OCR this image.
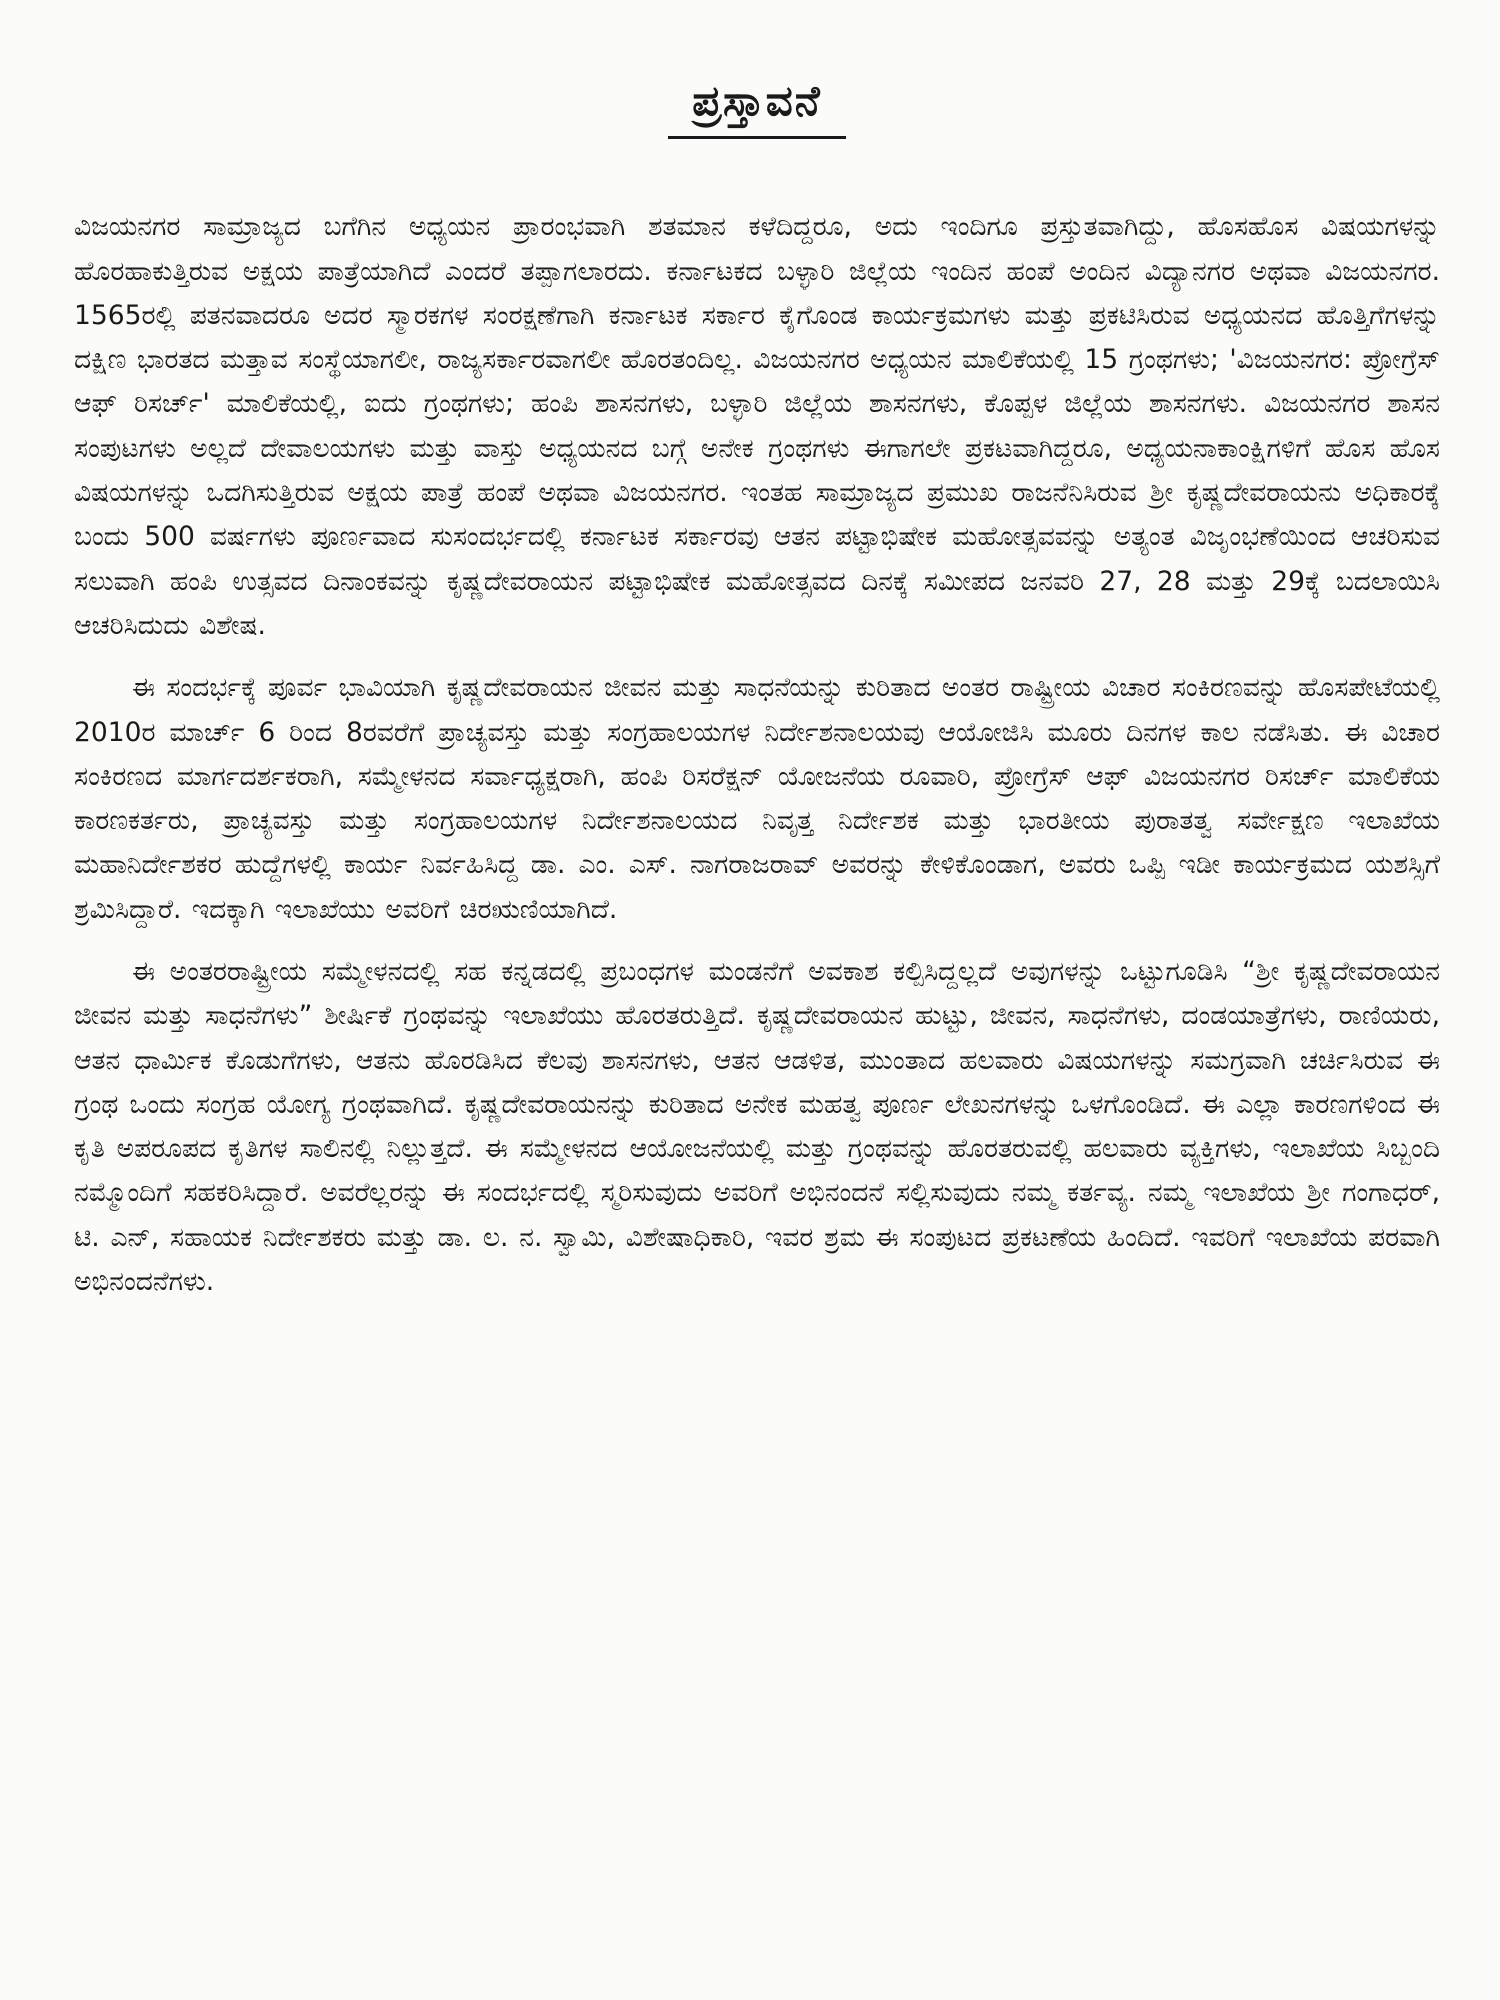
ಪ್ರಸ್ತಾವನೆ

ವಿಜಯನಗರ ಸಾಮ್ರಾಜ್ಯದ ಬಗೆಗಿನ ಅಧ್ಯಯನ ಪ್ರಾರಂಭವಾಗಿ ಶತಮಾನ ಕಳೆದಿದ್ದರೂ, ಅದು ಇಂದಿಗೂ ಪ್ರಸ್ತುತವಾಗಿದ್ದು, ಹೊಸಹೊಸ ವಿಷಯಗಳನ್ನು ಹೊರಹಾಕುತ್ತಿರುವ ಅಕ್ಷಯ ಪಾತ್ರೆಯಾಗಿದೆ ಎಂದರೆ ತಪ್ಪಾಗಲಾರದು. ಕರ್ನಾಟಕದ ಬಳ್ಳಾರಿ ಜಿಲ್ಲೆಯ ಇಂದಿನ ಹಂಪೆ ಅಂದಿನ ವಿದ್ಯಾನಗರ ಅಥವಾ ವಿಜಯನಗರ. 1565ರಲ್ಲಿ ಪತನವಾದರೂ ಅದರ ಸ್ಮಾರಕಗಳ ಸಂರಕ್ಷಣೆಗಾಗಿ ಕರ್ನಾಟಕ ಸರ್ಕಾರ ಕೈಗೊಂಡ ಕಾರ್ಯಕ್ರಮಗಳು ಮತ್ತು ಪ್ರಕಟಿಸಿರುವ ಅಧ್ಯಯನದ ಹೊತ್ತಿಗೆಗಳನ್ನು ದಕ್ಷಿಣ ಭಾರತದ ಮತ್ತಾವ ಸಂಸ್ಥೆಯಾಗಲೀ, ರಾಜ್ಯಸರ್ಕಾರವಾಗಲೀ ಹೊರತಂದಿಲ್ಲ. ವಿಜಯನಗರ ಅಧ್ಯಯನ ಮಾಲಿಕೆಯಲ್ಲಿ 15 ಗ್ರಂಥಗಳು; 'ವಿಜಯನಗರ: ಪ್ರೋಗ್ರೆಸ್ ಆಫ್ ರಿಸರ್ಚ್' ಮಾಲಿಕೆಯಲ್ಲಿ, ಐದು ಗ್ರಂಥಗಳು; ಹಂಪಿ ಶಾಸನಗಳು, ಬಳ್ಳಾರಿ ಜಿಲ್ಲೆಯ ಶಾಸನಗಳು, ಕೊಪ್ಪಳ ಜಿಲ್ಲೆಯ ಶಾಸನಗಳು. ವಿಜಯನಗರ ಶಾಸನ ಸಂಪುಟಗಳು ಅಲ್ಲದೆ ದೇವಾಲಯಗಳು ಮತ್ತು ವಾಸ್ತು ಅಧ್ಯಯನದ ಬಗ್ಗೆ ಅನೇಕ ಗ್ರಂಥಗಳು ಈಗಾಗಲೇ ಪ್ರಕಟವಾಗಿದ್ದರೂ, ಅಧ್ಯಯನಾಕಾಂಕ್ಷಿಗಳಿಗೆ ಹೊಸ ಹೊಸ ವಿಷಯಗಳನ್ನು ಒದಗಿಸುತ್ತಿರುವ ಅಕ್ಷಯ ಪಾತ್ರೆ ಹಂಪೆ ಅಥವಾ ವಿಜಯನಗರ. ಇಂತಹ ಸಾಮ್ರಾಜ್ಯದ ಪ್ರಮುಖ ರಾಜನೆನಿಸಿರುವ ಶ್ರೀ ಕೃಷ್ಣದೇವರಾಯನು ಅಧಿಕಾರಕ್ಕೆ ಬಂದು 500 ವರ್ಷಗಳು ಪೂರ್ಣವಾದ ಸುಸಂದರ್ಭದಲ್ಲಿ ಕರ್ನಾಟಕ ಸರ್ಕಾರವು ಆತನ ಪಟ್ಟಾಭಿಷೇಕ ಮಹೋತ್ಸವವನ್ನು ಅತ್ಯಂತ ವಿಜೃಂಭಣೆಯಿಂದ ಆಚರಿಸುವ ಸಲುವಾಗಿ ಹಂಪಿ ಉತ್ಸವದ ದಿನಾಂಕವನ್ನು ಕೃಷ್ಣದೇವರಾಯನ ಪಟ್ಟಾಭಿಷೇಕ ಮಹೋತ್ಸವದ ದಿನಕ್ಕೆ ಸಮೀಪದ ಜನವರಿ 27, 28 ಮತ್ತು 29ಕ್ಕೆ ಬದಲಾಯಿಸಿ ಆಚರಿಸಿದುದು ವಿಶೇಷ.

ಈ ಸಂದರ್ಭಕ್ಕೆ ಪೂರ್ವ ಭಾವಿಯಾಗಿ ಕೃಷ್ಣದೇವರಾಯನ ಜೀವನ ಮತ್ತು ಸಾಧನೆಯನ್ನು ಕುರಿತಾದ ಅಂತರ ರಾಷ್ಟ್ರೀಯ ವಿಚಾರ ಸಂಕಿರಣವನ್ನು ಹೊಸಪೇಟೆಯಲ್ಲಿ 2010ರ ಮಾರ್ಚ್ 6 ರಿಂದ 8ರವರೆಗೆ ಪ್ರಾಚ್ಯವಸ್ತು ಮತ್ತು ಸಂಗ್ರಹಾಲಯಗಳ ನಿರ್ದೇಶನಾಲಯವು ಆಯೋಜಿಸಿ ಮೂರು ದಿನಗಳ ಕಾಲ ನಡೆಸಿತು. ಈ ವಿಚಾರ ಸಂಕಿರಣದ ಮಾರ್ಗದರ್ಶಕರಾಗಿ, ಸಮ್ಮೇಳನದ ಸರ್ವಾಧ್ಯಕ್ಷರಾಗಿ, ಹಂಪಿ ರಿಸರೆಕ್ಷನ್ ಯೋಜನೆಯ ರೂವಾರಿ, ಪ್ರೋಗ್ರೆಸ್ ಆಫ್ ವಿಜಯನಗರ ರಿಸರ್ಚ್ ಮಾಲಿಕೆಯ ಕಾರಣಕರ್ತರು, ಪ್ರಾಚ್ಯವಸ್ತು ಮತ್ತು ಸಂಗ್ರಹಾಲಯಗಳ ನಿರ್ದೇಶನಾಲಯದ ನಿವೃತ್ತ ನಿರ್ದೇಶಕ ಮತ್ತು ಭಾರತೀಯ ಪುರಾತತ್ವ ಸರ್ವೇಕ್ಷಣ ಇಲಾಖೆಯ ಮಹಾನಿರ್ದೇಶಕರ ಹುದ್ದೆಗಳಲ್ಲಿ ಕಾರ್ಯ ನಿರ್ವಹಿಸಿದ್ದ ಡಾ. ಎಂ. ಎಸ್. ನಾಗರಾಜರಾವ್ ಅವರನ್ನು ಕೇಳಿಕೊಂಡಾಗ, ಅವರು ಒಪ್ಪಿ ಇಡೀ ಕಾರ್ಯಕ್ರಮದ ಯಶಸ್ಸಿಗೆ ಶ್ರಮಿಸಿದ್ದಾರೆ. ಇದಕ್ಕಾಗಿ ಇಲಾಖೆಯು ಅವರಿಗೆ ಚಿರಋಣಿಯಾಗಿದೆ.

ಈ ಅಂತರರಾಷ್ಟ್ರೀಯ ಸಮ್ಮೇಳನದಲ್ಲಿ ಸಹ ಕನ್ನಡದಲ್ಲಿ ಪ್ರಬಂಧಗಳ ಮಂಡನೆಗೆ ಅವಕಾಶ ಕಲ್ಪಿಸಿದ್ದಲ್ಲದೆ ಅವುಗಳನ್ನು ಒಟ್ಟುಗೂಡಿಸಿ “ಶ್ರೀ ಕೃಷ್ಣದೇವರಾಯನ ಜೀವನ ಮತ್ತು ಸಾಧನೆಗಳು” ಶೀರ್ಷಿಕೆ ಗ್ರಂಥವನ್ನು ಇಲಾಖೆಯು ಹೊರತರುತ್ತಿದೆ. ಕೃಷ್ಣದೇವರಾಯನ ಹುಟ್ಟು, ಜೀವನ, ಸಾಧನೆಗಳು, ದಂಡಯಾತ್ರೆಗಳು, ರಾಣಿಯರು, ಆತನ ಧಾರ್ಮಿಕ ಕೊಡುಗೆಗಳು, ಆತನು ಹೊರಡಿಸಿದ ಕೆಲವು ಶಾಸನಗಳು, ಆತನ ಆಡಳಿತ, ಮುಂತಾದ ಹಲವಾರು ವಿಷಯಗಳನ್ನು ಸಮಗ್ರವಾಗಿ ಚರ್ಚಿಸಿರುವ ಈ ಗ್ರಂಥ ಒಂದು ಸಂಗ್ರಹ ಯೋಗ್ಯ ಗ್ರಂಥವಾಗಿದೆ. ಕೃಷ್ಣದೇವರಾಯನನ್ನು ಕುರಿತಾದ ಅನೇಕ ಮಹತ್ವ ಪೂರ್ಣ ಲೇಖನಗಳನ್ನು ಒಳಗೊಂಡಿದೆ. ಈ ಎಲ್ಲಾ ಕಾರಣಗಳಿಂದ ಈ ಕೃತಿ ಅಪರೂಪದ ಕೃತಿಗಳ ಸಾಲಿನಲ್ಲಿ ನಿಲ್ಲುತ್ತದೆ. ಈ ಸಮ್ಮೇಳನದ ಆಯೋಜನೆಯಲ್ಲಿ ಮತ್ತು ಗ್ರಂಥವನ್ನು ಹೊರತರುವಲ್ಲಿ ಹಲವಾರು ವ್ಯಕ್ತಿಗಳು, ಇಲಾಖೆಯ ಸಿಬ್ಬಂದಿ ನಮ್ಮೊಂದಿಗೆ ಸಹಕರಿಸಿದ್ದಾರೆ. ಅವರೆಲ್ಲರನ್ನು ಈ ಸಂದರ್ಭದಲ್ಲಿ ಸ್ಮರಿಸುವುದು ಅವರಿಗೆ ಅಭಿನಂದನೆ ಸಲ್ಲಿಸುವುದು ನಮ್ಮ ಕರ್ತವ್ಯ. ನಮ್ಮ ಇಲಾಖೆಯ ಶ್ರೀ ಗಂಗಾಧರ್, ಟಿ. ಎನ್, ಸಹಾಯಕ ನಿರ್ದೇಶಕರು ಮತ್ತು ಡಾ. ಲ. ನ. ಸ್ವಾಮಿ, ವಿಶೇಷಾಧಿಕಾರಿ, ಇವರ ಶ್ರಮ ಈ ಸಂಪುಟದ ಪ್ರಕಟಣೆಯ ಹಿಂದಿದೆ. ಇವರಿಗೆ ಇಲಾಖೆಯ ಪರವಾಗಿ ಅಭಿನಂದನೆಗಳು.
